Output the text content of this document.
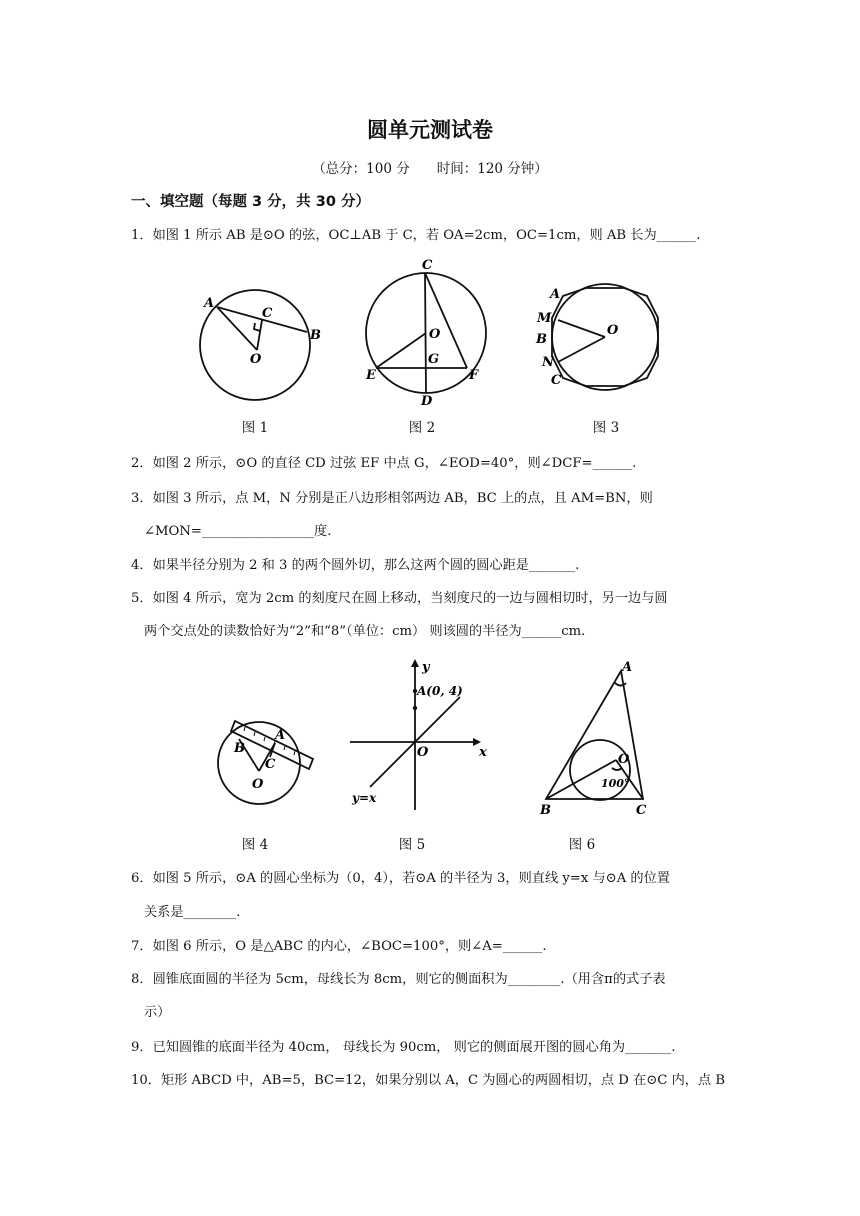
圆单元测试卷
（总分：100 分　　时间：120 分钟）
一、填空题（每题 3 分，共 30 分）
1．如图 1 所示 AB 是⊙O 的弦，OC⊥AB 于 C，若 OA=2cm，OC=1cm，则 AB 长为______.
A
C
B
O
C
O
G
E	F
D
A
M
O
B
N
C
图 1	图 2	图 3
2．如图 2 所示，⊙O 的直径 CD 过弦 EF 中点 G，∠EOD=40°，则∠DCF=______.
3．如图 3 所示，点 M，N 分别是正八边形相邻两边 AB，BC 上的点，且 AM=BN，则
∠MON=_________________度.
4．如果半径分别为 2 和 3 的两个圆外切，那么这两个圆的圆心距是_______.
5．如图 4 所示，宽为 2cm 的刻度尺在圆上移动，当刻度尺的一边与圆相切时，另一边与圆
两个交点处的读数恰好为“2”和“8”（单位：cm） 则该圆的半径为______cm.
B
A
C
O
y
A(0, 4)
O	x
y=x
A
O
100°
B	C
图 4	图 5	图 6
6．如图 5 所示，⊙A 的圆心坐标为（0，4），若⊙A 的半径为 3，则直线 y=x 与⊙A 的位置
关系是________.
7．如图 6 所示，O 是△ABC 的内心，∠BOC=100°，则∠A=______.
8．圆锥底面圆的半径为 5cm，母线长为 8cm，则它的侧面积为________.（用含π的式子表
示）
9．已知圆锥的底面半径为 40cm， 母线长为 90cm， 则它的侧面展开图的圆心角为_______.
10．矩形 ABCD 中，AB=5，BC=12，如果分别以 A，C 为圆心的两圆相切，点 D 在⊙C 内，点 B
